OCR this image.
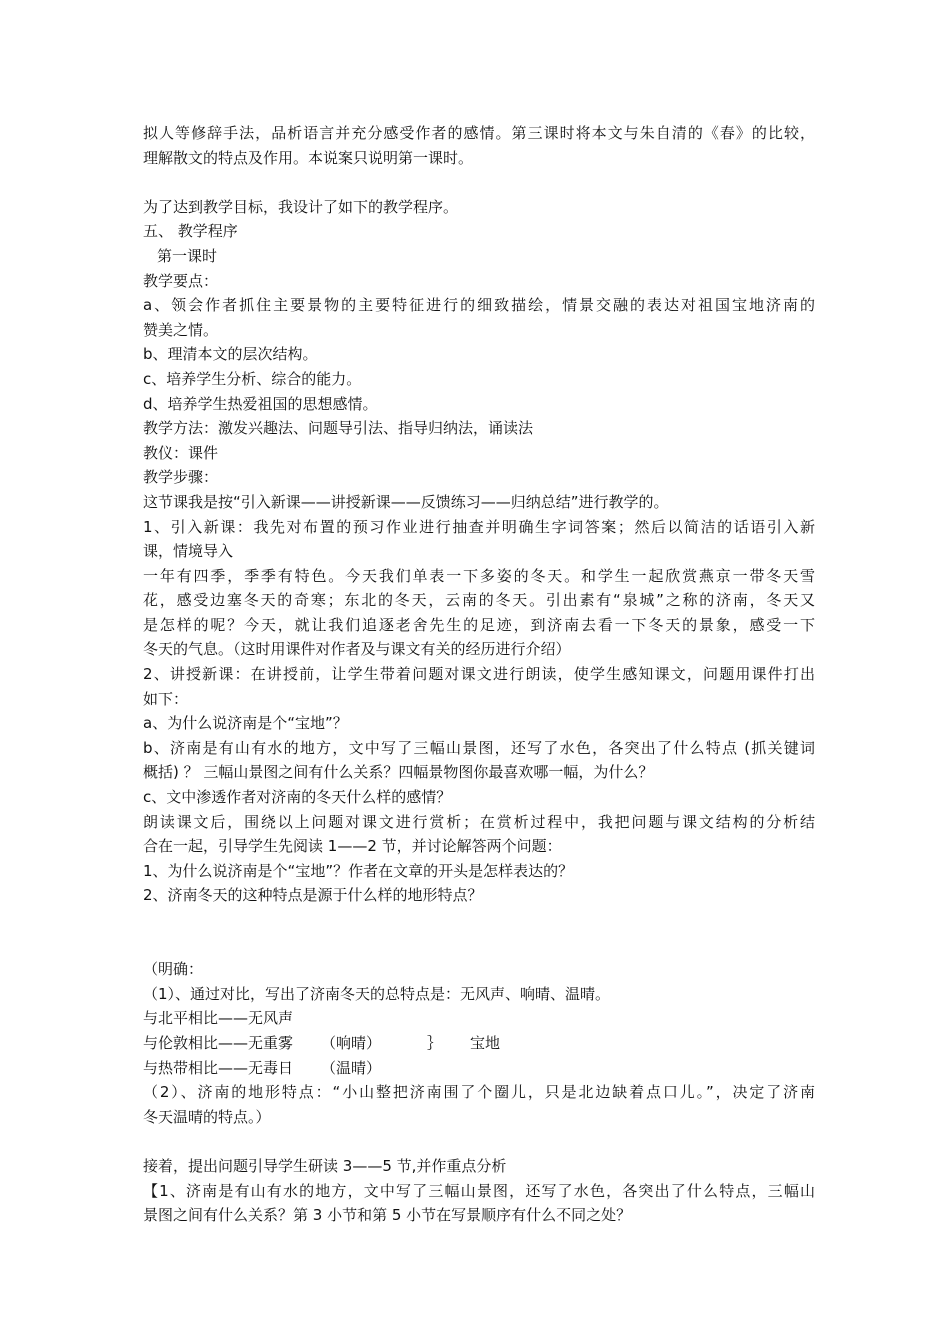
拟人等修辞手法，品析语言并充分感受作者的感情。第三课时将本文与朱自清的《春》的比较，
理解散文的特点及作用。本说案只说明第一课时。
为了达到教学目标，我设计了如下的教学程序。
五、 教学程序
第一课时
教学要点：
a、领会作者抓住主要景物的主要特征进行的细致描绘，情景交融的表达对祖国宝地济南的
赞美之情。
b、理清本文的层次结构。
c、培养学生分析、综合的能力。
d、培养学生热爱祖国的思想感情。
教学方法：激发兴趣法、问题导引法、指导归纳法，诵读法
教仪：课件
教学步骤：
这节课我是按“引入新课——讲授新课——反馈练习——归纳总结”进行教学的。
1、引入新课：我先对布置的预习作业进行抽查并明确生字词答案；然后以简洁的话语引入新
课，情境导入
一年有四季，季季有特色。今天我们单表一下多姿的冬天。和学生一起欣赏燕京一带冬天雪
花，感受边塞冬天的奇寒；东北的冬天，云南的冬天。引出素有“泉城”之称的济南，冬天又
是怎样的呢？今天，就让我们追逐老舍先生的足迹，到济南去看一下冬天的景象，感受一下
冬天的气息。（这时用课件对作者及与课文有关的经历进行介绍）
2、讲授新课：在讲授前，让学生带着问题对课文进行朗读，使学生感知课文，问题用课件打出
如下：
a、为什么说济南是个“宝地”？
b、济南是有山有水的地方，文中写了三幅山景图，还写了水色，各突出了什么特点 (抓关键词
概括) ？ 三幅山景图之间有什么关系？四幅景物图你最喜欢哪一幅，为什么？
c、文中渗透作者对济南的冬天什么样的感情？
朗读课文后，围绕以上问题对课文进行赏析；在赏析过程中，我把问题与课文结构的分析结
合在一起，引导学生先阅读 1——2 节，并讨论解答两个问题：
1、为什么说济南是个“宝地”？作者在文章的开头是怎样表达的？
2、济南冬天的这种特点是源于什么样的地形特点？
（明确：
（1）、通过对比，写出了济南冬天的总特点是：无风声、响晴、温晴。
与北平相比——无风声
与伦敦相比——无重雾 （响晴）	｝ 宝地
与热带相比——无毒日 （温晴）
（2）、济南的地形特点：“小山整把济南围了个圈儿，只是北边缺着点口儿。”，决定了济南
冬天温晴的特点。）
接着，提出问题引导学生研读 3——5 节,并作重点分析
【1、济南是有山有水的地方，文中写了三幅山景图，还写了水色，各突出了什么特点，三幅山
景图之间有什么关系？第 3 小节和第 5 小节在写景顺序有什么不同之处？
